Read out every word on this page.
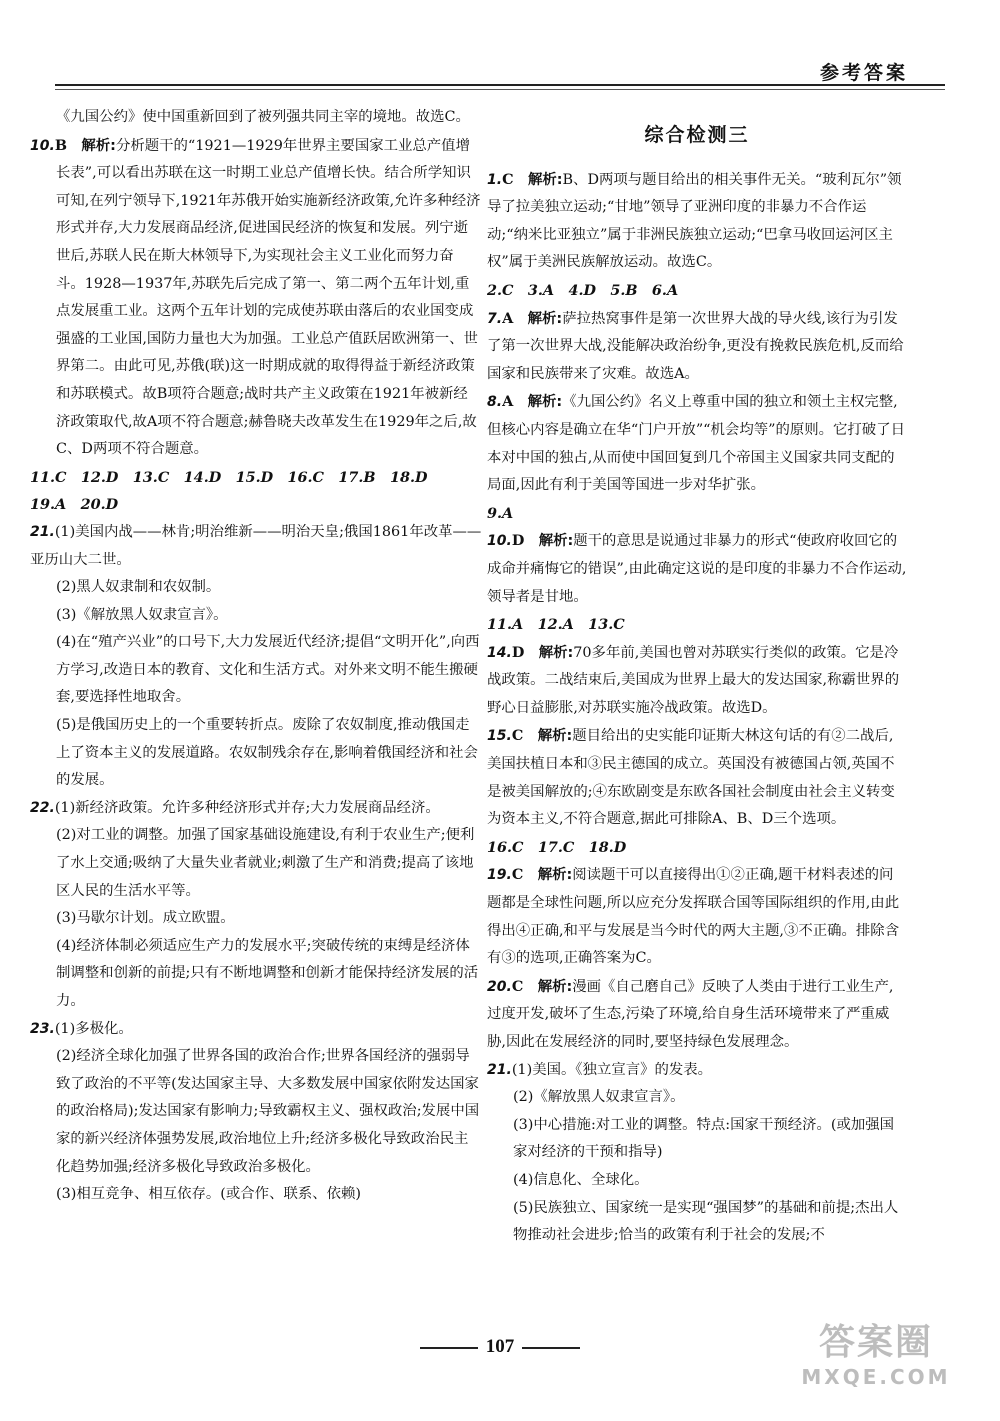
参考答案

《九国公约》使中国重新回到了被列强共同主宰的境地。故选C。

10.B　 解析:分析题干的“1921—1929年世界主要国家工业总产值增长表”,可以看出苏联在这一时期工业总产值增长快。结合所学知识可知,在列宁领导下,1921年苏俄开始实施新经济政策,允许多种经济形式并存,大力发展商品经济,促进国民经济的恢复和发展。列宁逝世后,苏联人民在斯大林领导下,为实现社会主义工业化而努力奋斗。1928—1937年,苏联先后完成了第一、第二两个五年计划,重点发展重工业。这两个五年计划的完成使苏联由落后的农业国变成强盛的工业国,国防力量也大为加强。工业总产值跃居欧洲第一、世界第二。由此可见,苏俄(联)这一时期成就的取得得益于新经济政策和苏联模式。故B项符合题意;战时共产主义政策在1921年被新经济政策取代,故A项不符合题意;赫鲁晓夫改革发生在1929年之后,故C、D两项不符合题意。

11.C　12.D　13.C　14.D　15.D　16.C　17.B　18.D

19.A　20.D

21.(1)美国内战——林肯;明治维新——明治天皇;俄国1861年改革——亚历山大二世。

(2)黑人奴隶制和农奴制。

(3)《解放黑人奴隶宣言》。

(4)在“殖产兴业”的口号下,大力发展近代经济;提倡“文明开化”,向西方学习,改造日本的教育、文化和生活方式。对外来文明不能生搬硬套,要选择性地取舍。

(5)是俄国历史上的一个重要转折点。废除了农奴制度,推动俄国走上了资本主义的发展道路。农奴制残余存在,影响着俄国经济和社会的发展。

22.(1)新经济政策。允许多种经济形式并存;大力发展商品经济。

(2)对工业的调整。加强了国家基础设施建设,有利于农业生产;便利了水上交通;吸纳了大量失业者就业;刺激了生产和消费;提高了该地区人民的生活水平等。

(3)马歇尔计划。成立欧盟。

(4)经济体制必须适应生产力的发展水平;突破传统的束缚是经济体制调整和创新的前提;只有不断地调整和创新才能保持经济发展的活力。

23.(1)多极化。

(2)经济全球化加强了世界各国的政治合作;世界各国经济的强弱导致了政治的不平等(发达国家主导、大多数发展中国家依附发达国家的政治格局);发达国家有影响力;导致霸权主义、强权政治;发展中国家的新兴经济体强势发展,政治地位上升;经济多极化导致政治民主化趋势加强;经济多极化导致政治多极化。

(3)相互竞争、相互依存。(或合作、联系、依赖)

综合检测三

1.C　 解析:B、D两项与题目给出的相关事件无关。“玻利瓦尔”领导了拉美独立运动;“甘地”领导了亚洲印度的非暴力不合作运动;“纳米比亚独立”属于非洲民族独立运动;“巴拿马收回运河区主权”属于美洲民族解放运动。故选C。

2.C　3.A　4.D　5.B　6.A

7.A　 解析:萨拉热窝事件是第一次世界大战的导火线,该行为引发了第一次世界大战,没能解决政治纷争,更没有挽救民族危机,反而给国家和民族带来了灾难。故选A。

8.A　 解析:《九国公约》名义上尊重中国的独立和领土主权完整,但核心内容是确立在华“门户开放”“机会均等”的原则。它打破了日本对中国的独占,从而使中国回复到几个帝国主义国家共同支配的局面,因此有利于美国等国进一步对华扩张。

9.A

10.D　 解析:题干的意思是说通过非暴力的形式“使政府收回它的成命并痛悔它的错误”,由此确定这说的是印度的非暴力不合作运动,领导者是甘地。

11.A　12.A　13.C

14.D　 解析:70多年前,美国也曾对苏联实行类似的政策。它是冷战政策。二战结束后,美国成为世界上最大的发达国家,称霸世界的野心日益膨胀,对苏联实施冷战政策。故选D。

15.C　 解析:题目给出的史实能印证斯大林这句话的有②二战后,美国扶植日本和③民主德国的成立。英国没有被德国占领,英国不是被美国解放的;④东欧剧变是东欧各国社会制度由社会主义转变为资本主义,不符合题意,据此可排除A、B、D三个选项。

16.C　17.C　18.D

19.C　 解析:阅读题干可以直接得出①②正确,题干材料表述的问题都是全球性问题,所以应充分发挥联合国等国际组织的作用,由此得出④正确,和平与发展是当今时代的两大主题,③不正确。排除含有③的选项,正确答案为C。

20.C　 解析:漫画《自己磨自己》反映了人类由于进行工业生产,过度开发,破坏了生态,污染了环境,给自身生活环境带来了严重威胁,因此在发展经济的同时,要坚持绿色发展理念。

21.(1)美国。《独立宣言》的发表。

(2)《解放黑人奴隶宣言》。

(3)中心措施:对工业的调整。特点:国家干预经济。(或加强国家对经济的干预和指导)

(4)信息化、全球化。

(5)民族独立、国家统一是实现“强国梦”的基础和前提;杰出人物推动社会进步;恰当的政策有利于社会的发展;不

107	答案圈
MXQE.COM
